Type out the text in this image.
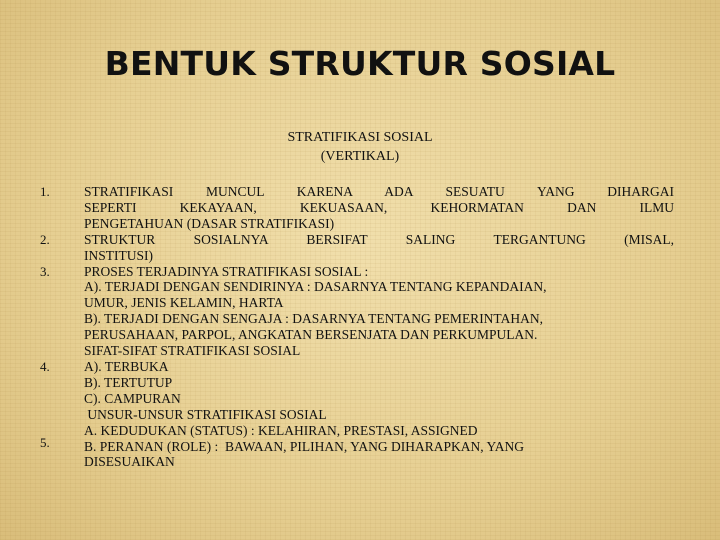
BENTUK STRUKTUR SOSIAL
STRATIFIKASI SOSIAL
(VERTIKAL)
1.
2.
3.
4.
5.
STRATIFIKASI MUNCUL KARENA ADA SESUATU YANG DIHARGAI
SEPERTI KEKAYAAN, KEKUASAAN, KEHORMATAN DAN ILMU
PENGETAHUAN (DASAR STRATIFIKASI)
STRUKTUR SOSIALNYA BERSIFAT SALING TERGANTUNG (MISAL,
INSTITUSI)
PROSES TERJADINYA STRATIFIKASI SOSIAL :
A). TERJADI DENGAN SENDIRINYA : DASARNYA TENTANG KEPANDAIAN,
UMUR, JENIS KELAMIN, HARTA
B). TERJADI DENGAN SENGAJA : DASARNYA TENTANG PEMERINTAHAN,
PERUSAHAAN, PARPOL, ANGKATAN BERSENJATA DAN PERKUMPULAN.
SIFAT-SIFAT STRATIFIKASI SOSIAL
A). TERBUKA
B). TERTUTUP
C). CAMPURAN
UNSUR-UNSUR STRATIFIKASI SOSIAL
A. KEDUDUKAN (STATUS) : KELAHIRAN, PRESTASI, ASSIGNED
B. PERANAN (ROLE) :  BAWAAN, PILIHAN, YANG DIHARAPKAN, YANG
DISESUAIKAN
